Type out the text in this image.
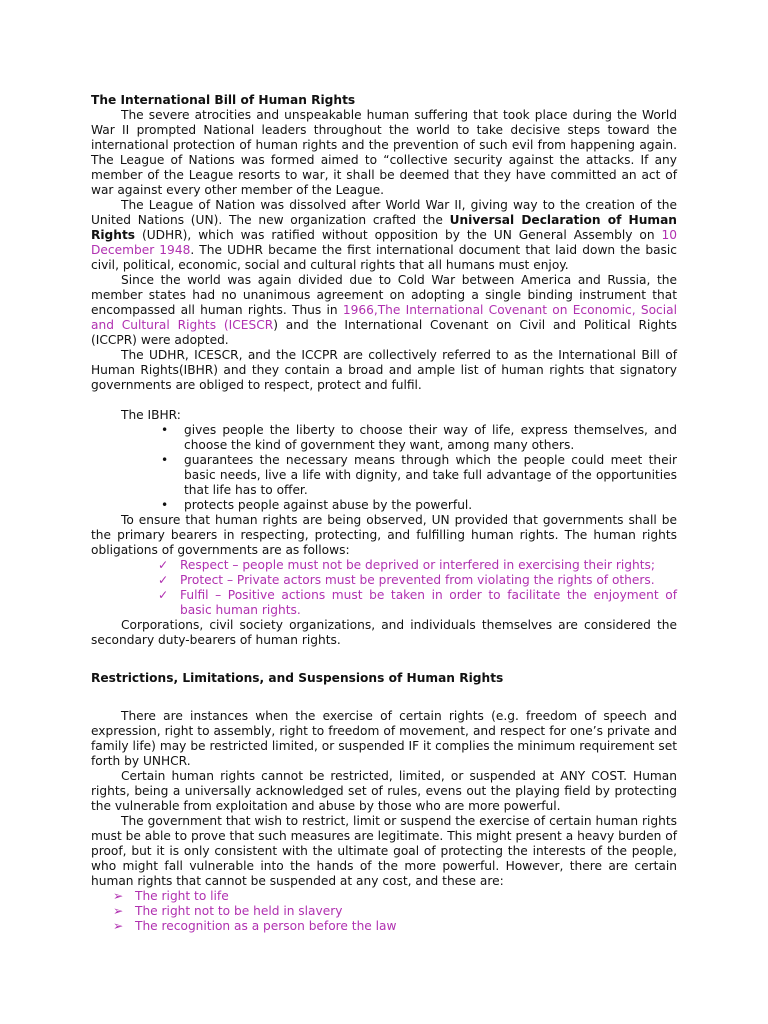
The International Bill of Human Rights

The severe atrocities and unspeakable human suffering that took place during the World War II prompted National leaders throughout the world to take decisive steps toward the international protection of human rights and the prevention of such evil from happening again. The League of Nations was formed aimed to “collective security against the attacks. If any member of the League resorts to war, it shall be deemed that they have committed an act of war against every other member of the League.

The League of Nation was dissolved after World War II, giving way to the creation of the United Nations (UN). The new organization crafted the Universal Declaration of Human Rights (UDHR), which was ratified without opposition by the UN General Assembly on 10 December 1948. The UDHR became the first international document that laid down the basic civil, political, economic, social and cultural rights that all humans must enjoy.

Since the world was again divided due to Cold War between America and Russia, the member states had no unanimous agreement on adopting a single binding instrument that encompassed all human rights. Thus in 1966,The International Covenant on Economic, Social and Cultural Rights (ICESCR) and the International Covenant on Civil and Political Rights (ICCPR) were adopted.

The UDHR, ICESCR, and the ICCPR are collectively referred to as the International Bill of Human Rights(IBHR) and they contain a broad and ample list of human rights that signatory governments are obliged to respect, protect and fulfil.

The IBHR:

• gives people the liberty to choose their way of life, express themselves, and choose the kind of government they want, among many others.
• guarantees the necessary means through which the people could meet their basic needs, live a life with dignity, and take full advantage of the opportunities that life has to offer.
• protects people against abuse by the powerful.

To ensure that human rights are being observed, UN provided that governments shall be the primary bearers in respecting, protecting, and fulfilling human rights. The human rights obligations of governments are as follows:

✓ Respect – people must not be deprived or interfered in exercising their rights;
✓ Protect – Private actors must be prevented from violating the rights of others.
✓ Fulfil – Positive actions must be taken in order to facilitate the enjoyment of basic human rights.

Corporations, civil society organizations, and individuals themselves are considered the secondary duty-bearers of human rights.

Restrictions, Limitations, and Suspensions of Human Rights

There are instances when the exercise of certain rights (e.g. freedom of speech and expression, right to assembly, right to freedom of movement, and respect for one’s private and family life) may be restricted limited, or suspended IF it complies the minimum requirement set forth by UNHCR.

Certain human rights cannot be restricted, limited, or suspended at ANY COST. Human rights, being a universally acknowledged set of rules, evens out the playing field by protecting the vulnerable from exploitation and abuse by those who are more powerful.

The government that wish to restrict, limit or suspend the exercise of certain human rights must be able to prove that such measures are legitimate. This might present a heavy burden of proof, but it is only consistent with the ultimate goal of protecting the interests of the people, who might fall vulnerable into the hands of the more powerful. However, there are certain human rights that cannot be suspended at any cost, and these are:

➢ The right to life
➢ The right not to be held in slavery
➢ The recognition as a person before the law
